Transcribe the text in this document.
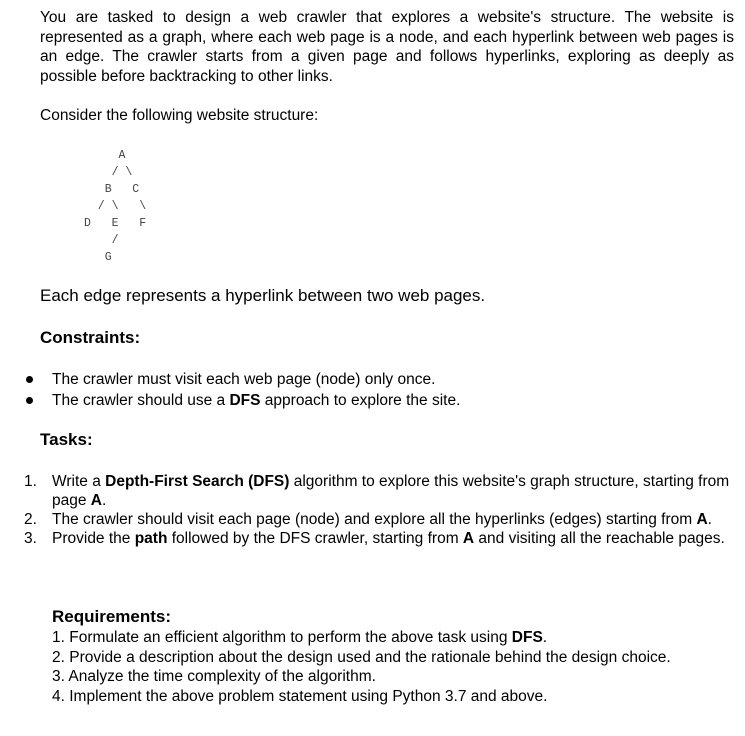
You are tasked to design a web crawler that explores a website's structure. The website is represented as a graph, where each web page is a node, and each hyperlink between web pages is an edge. The crawler starts from a given page and follows hyperlinks, exploring as deeply as possible before backtracking to other links.

Consider the following website structure:

A
/ \
B   C
/ \   \
D   E   F
/
G

Each edge represents a hyperlink between two web pages.

Constraints:

The crawler must visit each web page (node) only once.
The crawler should use a DFS approach to explore the site.

Tasks:

1. Write a Depth-First Search (DFS) algorithm to explore this website's graph structure, starting from page A.
2. The crawler should visit each page (node) and explore all the hyperlinks (edges) starting from A.
3. Provide the path followed by the DFS crawler, starting from A and visiting all the reachable pages.

Requirements:

1. Formulate an efficient algorithm to perform the above task using DFS.
2. Provide a description about the design used and the rationale behind the design choice.
3. Analyze the time complexity of the algorithm.
4. Implement the above problem statement using Python 3.7 and above.
